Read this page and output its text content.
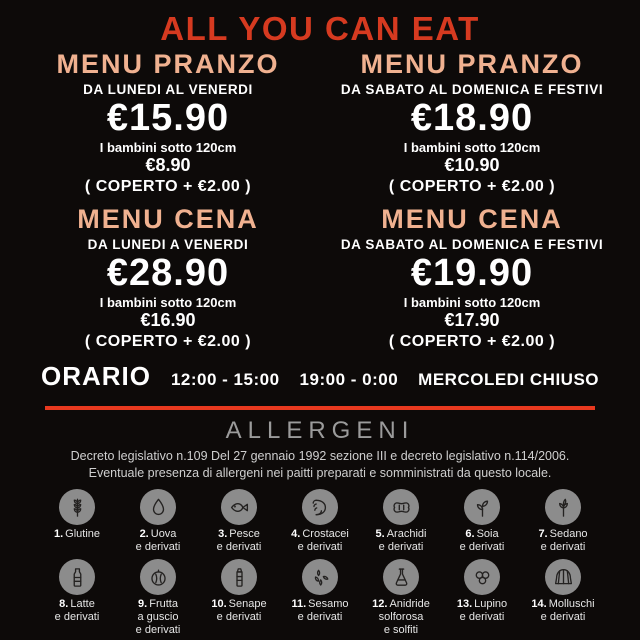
ALL YOU CAN EAT
MENU PRANZO
DA LUNEDI AL VENERDI
€15.90
I bambini sotto 120cm
€8.90
( COPERTO + €2.00 )
MENU PRANZO
DA SABATO AL DOMENICA E FESTIVI
€18.90
I bambini sotto 120cm
€10.90
( COPERTO + €2.00 )
MENU CENA
DA LUNEDI A VENERDI
€28.90
I bambini sotto 120cm
€16.90
( COPERTO + €2.00 )
MENU CENA
DA SABATO AL DOMENICA E FESTIVI
€19.90
I bambini sotto 120cm
€17.90
( COPERTO + €2.00 )
ORARIO 12:00 - 15:00 19:00 - 0:00 MERCOLEDI CHIUSO
ALLERGENI

Decreto legislativo n.109 Del 27 gennaio 1992 sezione III e decreto legislativo n.114/2006.
Eventuale presenza di allergeni nei paitti preparati e somministrati da questo locale.

1. Glutine	2. Uova
e derivati
3. Pesce
e derivati
4. Crostacei
e derivati
5. Arachidi
e derivati
6. Soia
e derivati
7. Sedano
e derivati
8. Latte
e derivati
9. Frutta
a guscio
e derivati
10. Senape
e derivati
11. Sesamo
e derivati
12. Anidride
solforosa
e solfiti
13. Lupino
e derivati
14. Molluschi
e derivati
